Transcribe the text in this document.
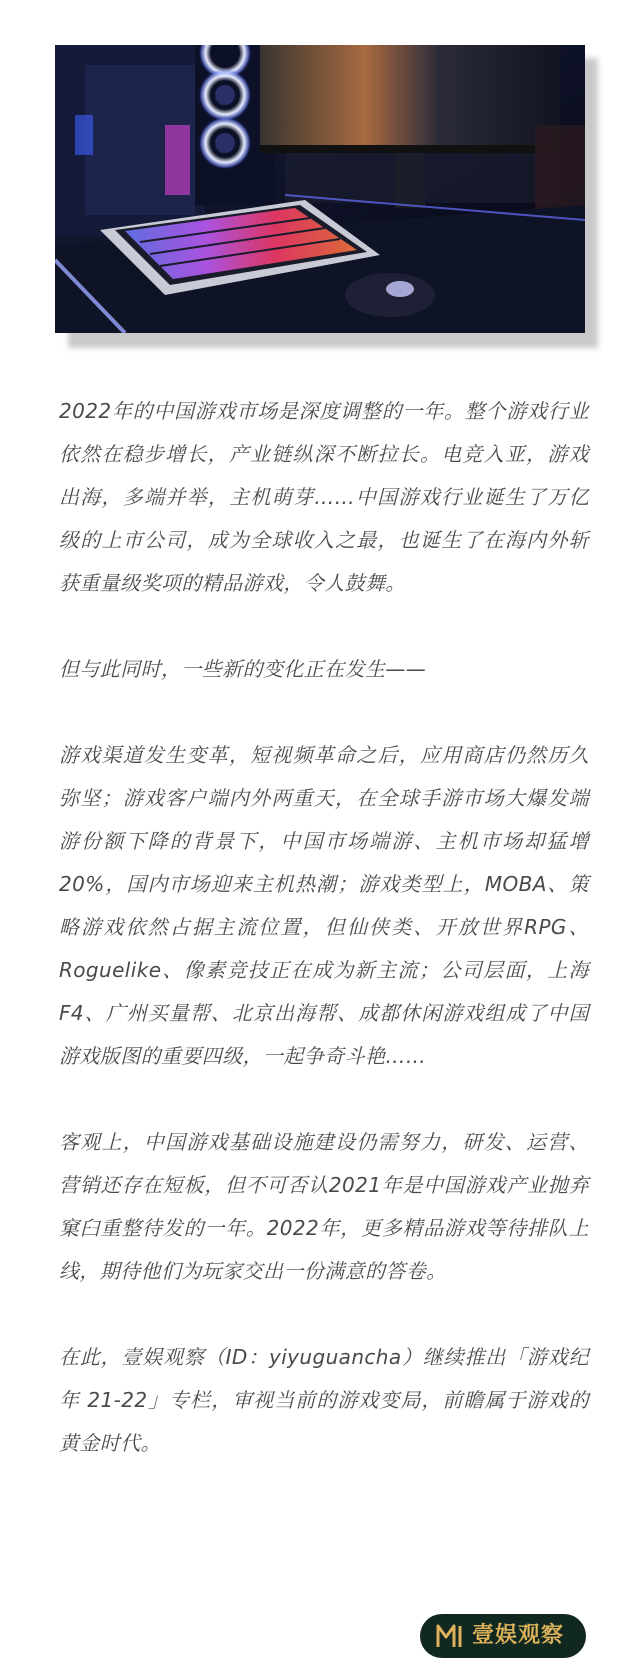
2022年的中国游戏市场是深度调整的一年。整个游戏行业依然在稳步增长，产业链纵深不断拉长。电竞入亚，游戏出海，多端并举，主机萌芽……中国游戏行业诞生了万亿级的上市公司，成为全球收入之最，也诞生了在海内外斩获重量级奖项的精品游戏，令人鼓舞。

但与此同时，一些新的变化正在发生——

游戏渠道发生变革，短视频革命之后，应用商店仍然历久弥坚；游戏客户端内外两重天，在全球手游市场大爆发端游份额下降的背景下，中国市场端游、主机市场却猛增20%，国内市场迎来主机热潮；游戏类型上，MOBA、策略游戏依然占据主流位置，但仙侠类、开放世界RPG、Roguelike、像素竞技正在成为新主流；公司层面，上海F4、广州买量帮、北京出海帮、成都休闲游戏组成了中国游戏版图的重要四级，一起争奇斗艳……

客观上，中国游戏基础设施建设仍需努力，研发、运营、营销还存在短板，但不可否认2021年是中国游戏产业抛弃窠臼重整待发的一年。2022年，更多精品游戏等待排队上线，期待他们为玩家交出一份满意的答卷。

在此，壹娱观察（ID：yiyuguancha）继续推出「游戏纪年 21-22」专栏，审视当前的游戏变局，前瞻属于游戏的黄金时代。

壹娱观察
